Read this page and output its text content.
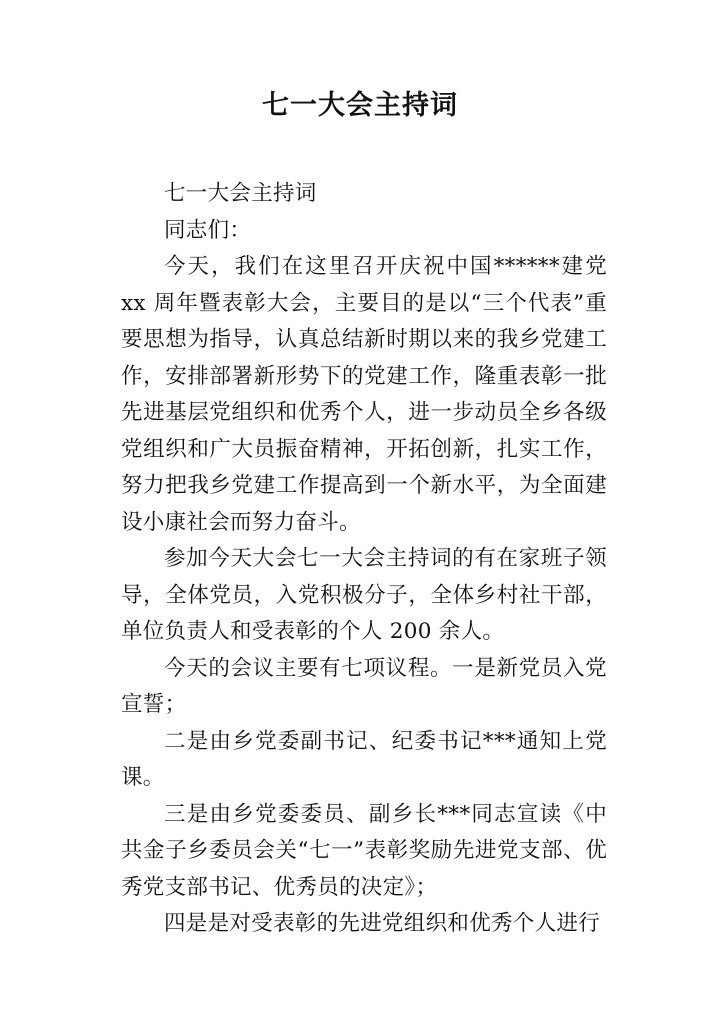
七一大会主持词

七一大会主持词

同志们：

今天，我们在这里召开庆祝中国******建党 xx 周年暨表彰大会，主要目的是以“三个代表”重要思想为指导，认真总结新时期以来的我乡党建工作，安排部署新形势下的党建工作，隆重表彰一批先进基层党组织和优秀个人，进一步动员全乡各级党组织和广大员振奋精神，开拓创新，扎实工作，努力把我乡党建工作提高到一个新水平，为全面建设小康社会而努力奋斗。

参加今天大会七一大会主持词的有在家班子领导，全体党员，入党积极分子，全体乡村社干部，单位负责人和受表彰的个人 200 余人。

今天的会议主要有七项议程。一是新党员入党宣誓；

二是由乡党委副书记、纪委书记***通知上党课。

三是由乡党委委员、副乡长***同志宣读《中共金子乡委员会关“七一”表彰奖励先进党支部、优秀党支部书记、优秀员的决定》；

四是是对受表彰的先进党组织和优秀个人进行
